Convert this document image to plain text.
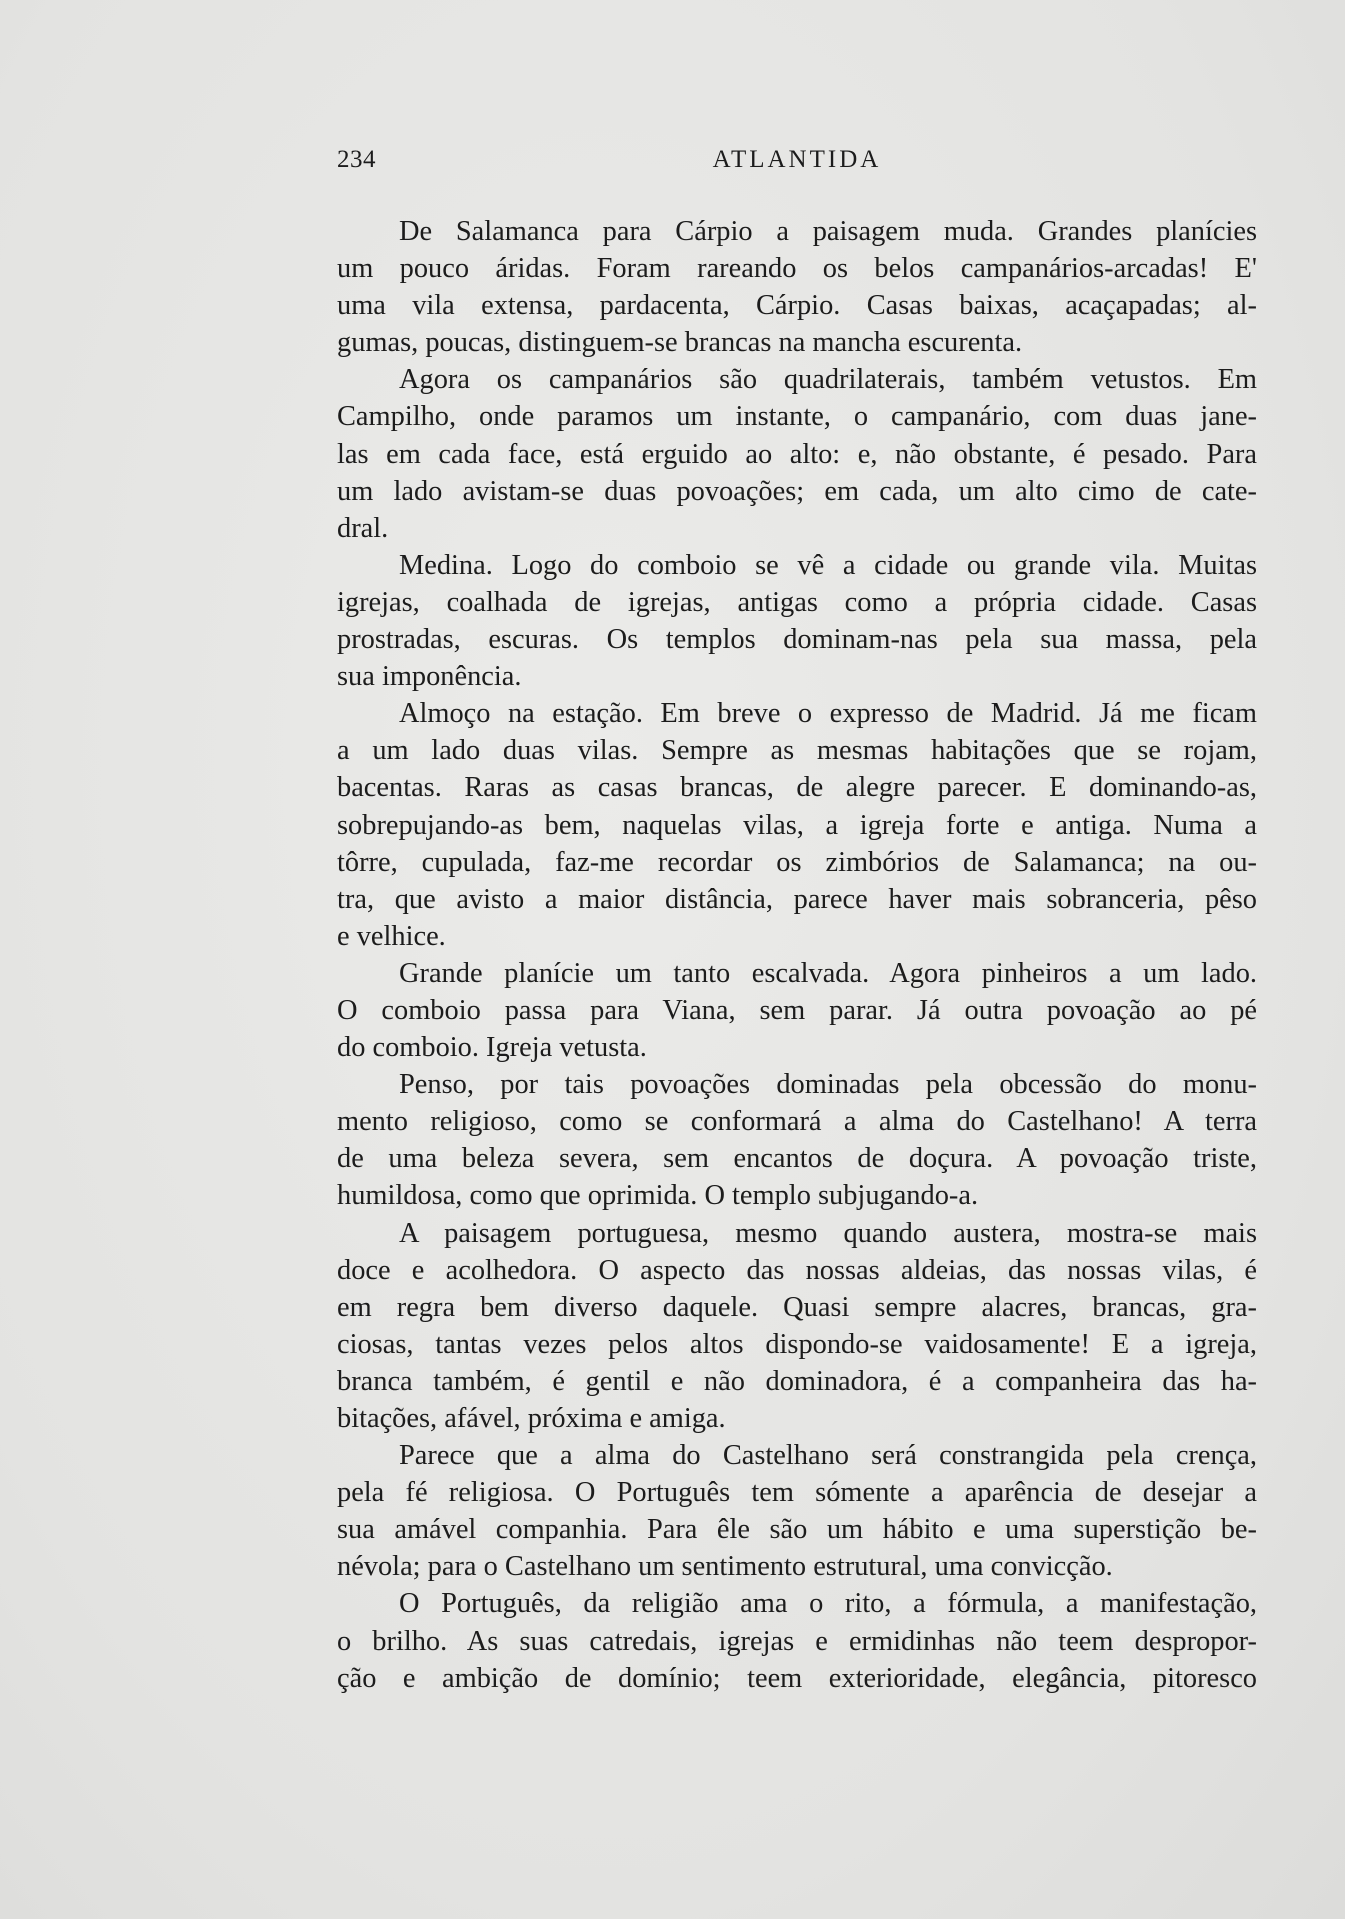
234	ATLANTIDA
De Salamanca para Cárpio a paisagem muda. Grandes planícies
um pouco áridas. Foram rareando os belos campanários-arcadas! E'
uma vila extensa, pardacenta, Cárpio. Casas baixas, acaçapadas; al-
gumas, poucas, distinguem-se brancas na mancha escurenta.
Agora os campanários são quadrilaterais, também vetustos. Em
Campilho, onde paramos um instante, o campanário, com duas jane-
las em cada face, está erguido ao alto: e, não obstante, é pesado. Para
um lado avistam-se duas povoações; em cada, um alto cimo de cate-
dral.
Medina. Logo do comboio se vê a cidade ou grande vila. Muitas
igrejas, coalhada de igrejas, antigas como a própria cidade. Casas
prostradas, escuras. Os templos dominam-nas pela sua massa, pela
sua imponência.
Almoço na estação. Em breve o expresso de Madrid. Já me ficam
a um lado duas vilas. Sempre as mesmas habitações que se rojam,
bacentas. Raras as casas brancas, de alegre parecer. E dominando-as,
sobrepujando-as bem, naquelas vilas, a igreja forte e antiga. Numa a
tôrre, cupulada, faz-me recordar os zimbórios de Salamanca; na ou-
tra, que avisto a maior distância, parece haver mais sobranceria, pêso
e velhice.
Grande planície um tanto escalvada. Agora pinheiros a um lado.
O comboio passa para Viana, sem parar. Já outra povoação ao pé
do comboio. Igreja vetusta.
Penso, por tais povoações dominadas pela obcessão do monu-
mento religioso, como se conformará a alma do Castelhano! A terra
de uma beleza severa, sem encantos de doçura. A povoação triste,
humildosa, como que oprimida. O templo subjugando-a.
A paisagem portuguesa, mesmo quando austera, mostra-se mais
doce e acolhedora. O aspecto das nossas aldeias, das nossas vilas, é
em regra bem diverso daquele. Quasi sempre alacres, brancas, gra-
ciosas, tantas vezes pelos altos dispondo-se vaidosamente! E a igreja,
branca também, é gentil e não dominadora, é a companheira das ha-
bitações, afável, próxima e amiga.
Parece que a alma do Castelhano será constrangida pela crença,
pela fé religiosa. O Português tem sómente a aparência de desejar a
sua amável companhia. Para êle são um hábito e uma superstição be-
névola; para o Castelhano um sentimento estrutural, uma convicção.
O Português, da religião ama o rito, a fórmula, a manifestação,
o brilho. As suas catredais, igrejas e ermidinhas não teem despropor-
ção e ambição de domínio; teem exterioridade, elegância, pitoresco
